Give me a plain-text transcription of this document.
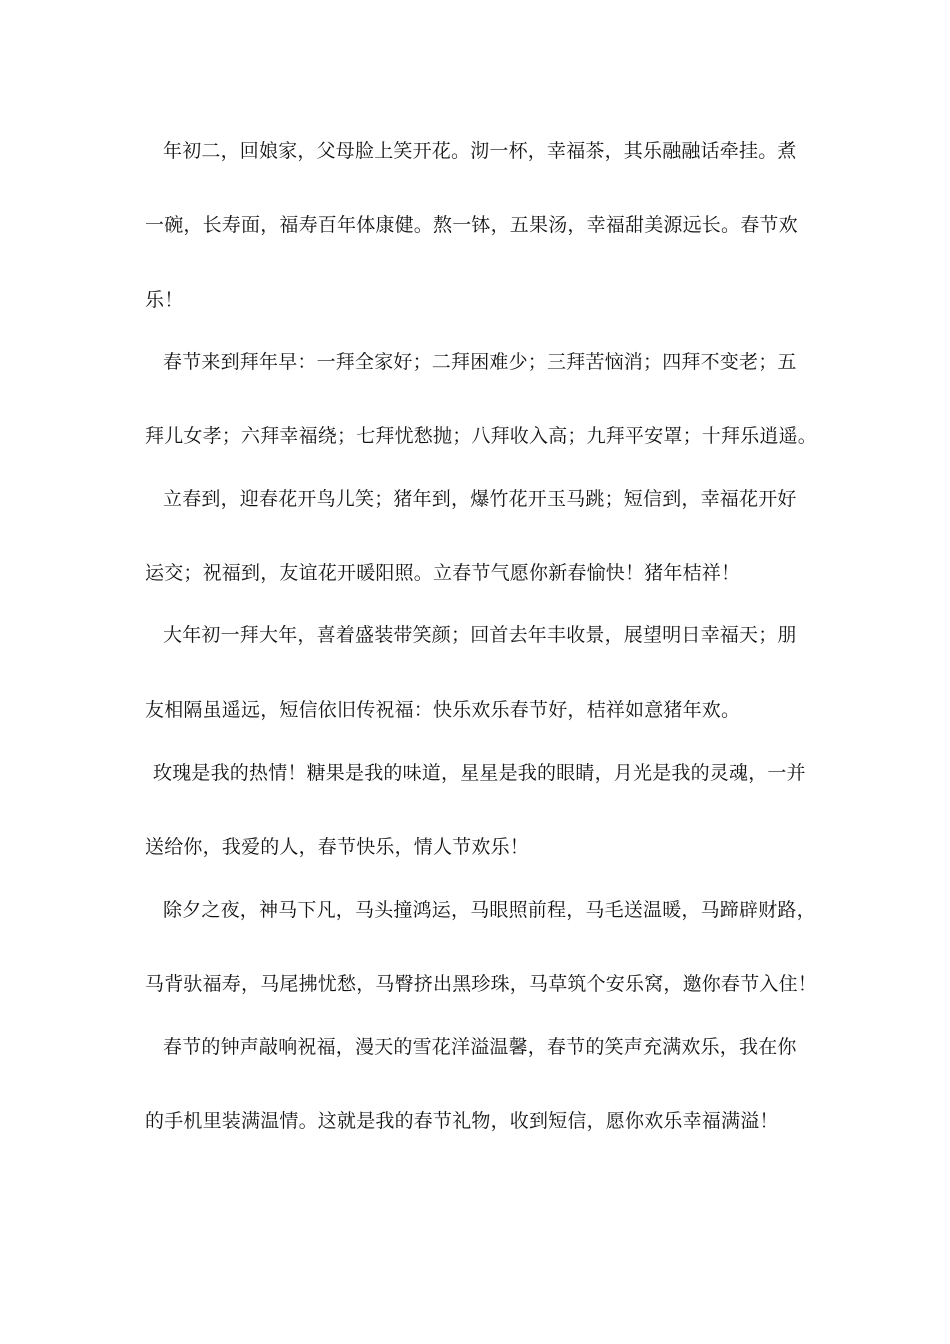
年初二，回娘家，父母脸上笑开花。沏一杯，幸福茶，其乐融融话牵挂。煮
一碗，长寿面，福寿百年体康健。熬一钵，五果汤，幸福甜美源远长。春节欢
乐！
春节来到拜年早：一拜全家好；二拜困难少；三拜苦恼消；四拜不变老；五
拜儿女孝；六拜幸福绕；七拜忧愁抛；八拜收入高；九拜平安罩；十拜乐逍遥。
立春到，迎春花开鸟儿笑；猪年到，爆竹花开玉马跳；短信到，幸福花开好
运交；祝福到，友谊花开暖阳照。立春节气愿你新春愉快！猪年桔祥！
大年初一拜大年，喜着盛装带笑颜；回首去年丰收景，展望明日幸福天；朋
友相隔虽遥远，短信依旧传祝福：快乐欢乐春节好，桔祥如意猪年欢。
玫瑰是我的热情！糖果是我的味道，星星是我的眼睛，月光是我的灵魂，一并
送给你，我爱的人，春节快乐，情人节欢乐！
除夕之夜，神马下凡，马头撞鸿运，马眼照前程，马毛送温暖，马蹄辟财路，
马背驮福寿，马尾拂忧愁，马臀挤出黑珍珠，马草筑个安乐窝，邀你春节入住！
春节的钟声敲响祝福，漫天的雪花洋溢温馨，春节的笑声充满欢乐，我在你
的手机里装满温情。这就是我的春节礼物，收到短信，愿你欢乐幸福满溢！
